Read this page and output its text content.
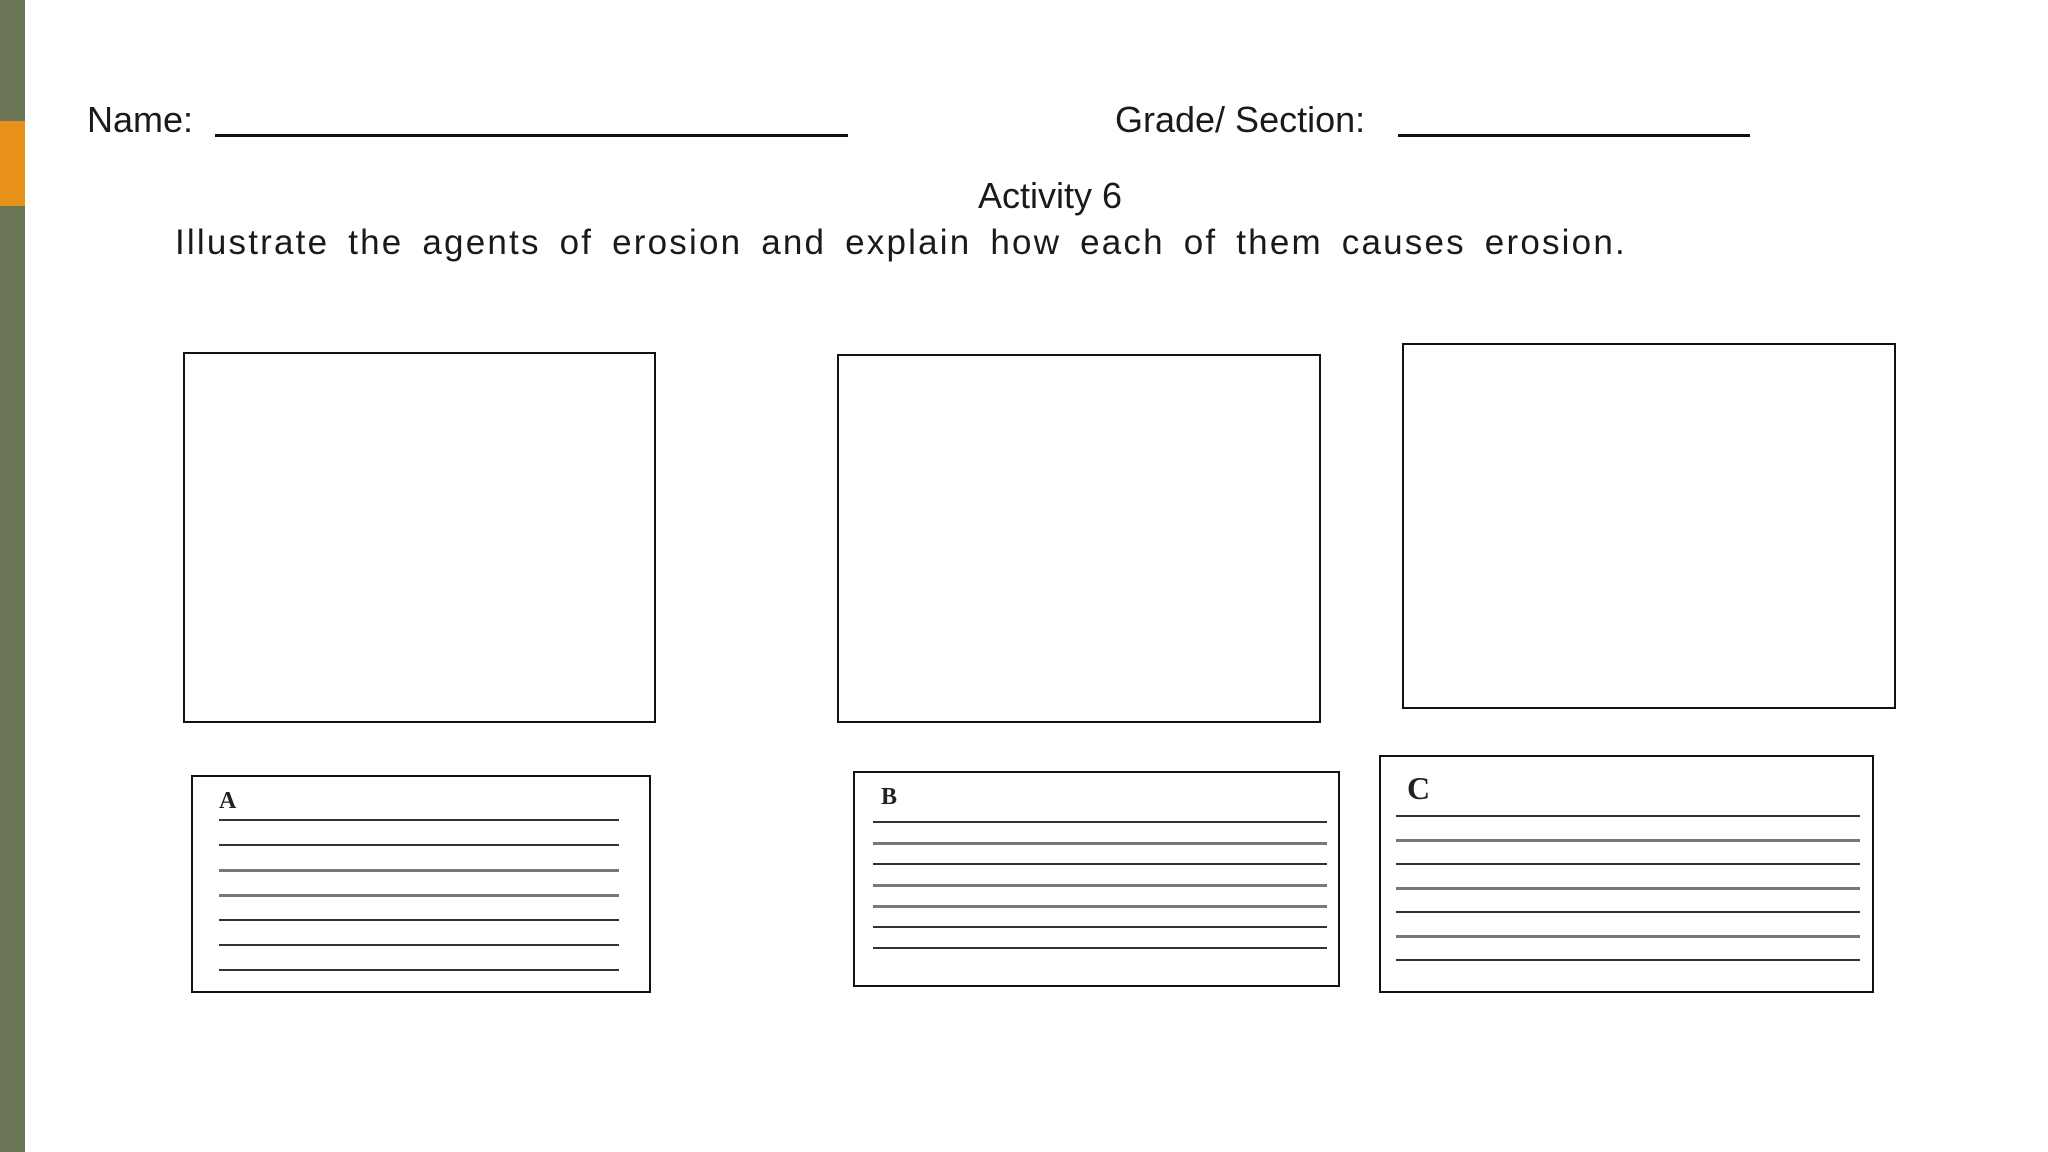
Name:	Grade/ Section:
Activity 6
Illustrate the agents of erosion and explain how each of them causes erosion.
A	B	C
